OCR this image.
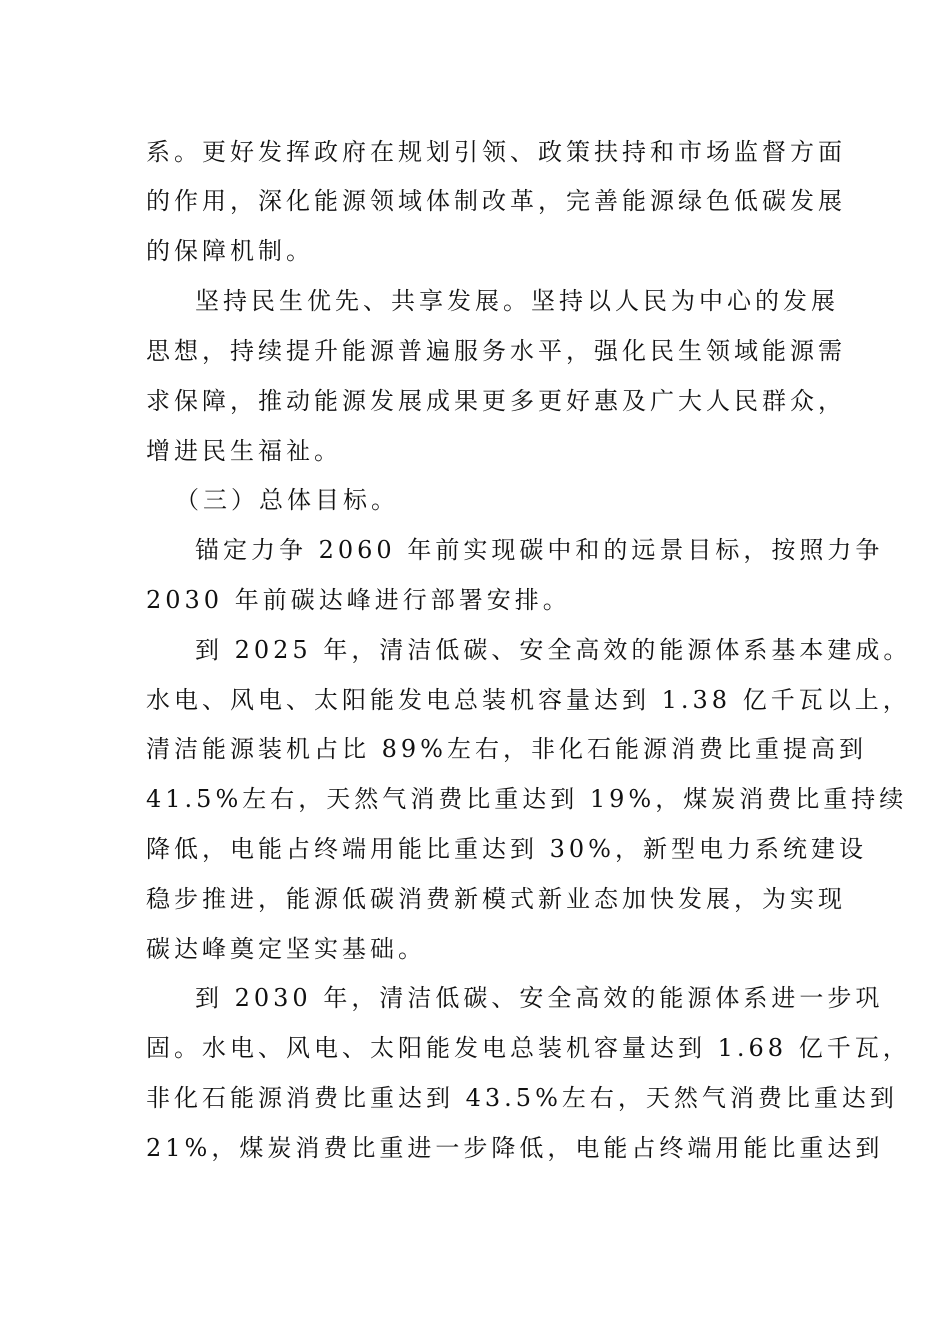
系。更好发挥政府在规划引领、政策扶持和市场监督方面
的作用，深化能源领域体制改革，完善能源绿色低碳发展
的保障机制。
坚持民生优先、共享发展。坚持以人民为中心的发展
思想，持续提升能源普遍服务水平，强化民生领域能源需
求保障，推动能源发展成果更多更好惠及广大人民群众，
增进民生福祉。
（三）总体目标。
锚定力争 2060 年前实现碳中和的远景目标，按照力争
2030 年前碳达峰进行部署安排。
到 2025 年，清洁低碳、安全高效的能源体系基本建成。
水电、风电、太阳能发电总装机容量达到 1.38 亿千瓦以上，
清洁能源装机占比 89%左右，非化石能源消费比重提高到
41.5%左右，天然气消费比重达到 19%，煤炭消费比重持续
降低，电能占终端用能比重达到 30%，新型电力系统建设
稳步推进，能源低碳消费新模式新业态加快发展，为实现
碳达峰奠定坚实基础。
到 2030 年，清洁低碳、安全高效的能源体系进一步巩
固。水电、风电、太阳能发电总装机容量达到 1.68 亿千瓦，
非化石能源消费比重达到 43.5%左右，天然气消费比重达到
21%，煤炭消费比重进一步降低，电能占终端用能比重达到
